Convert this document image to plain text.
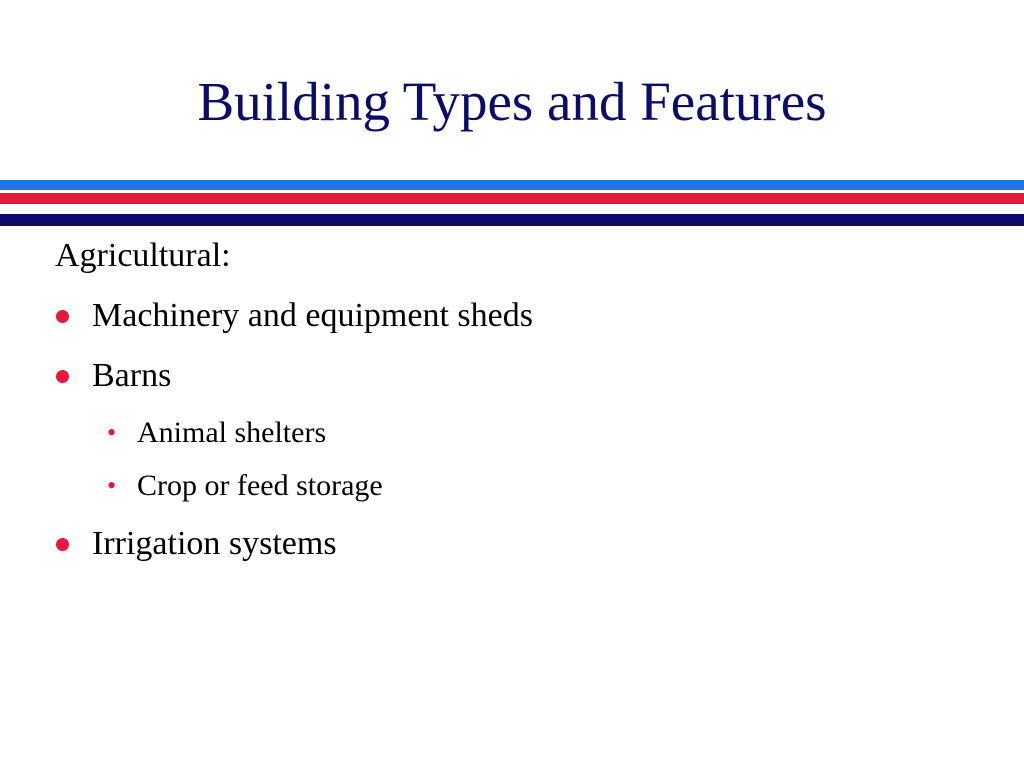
Building Types and Features

Agricultural:

Machinery and equipment sheds
Barns
• Animal shelters
• Crop or feed storage
Irrigation systems
